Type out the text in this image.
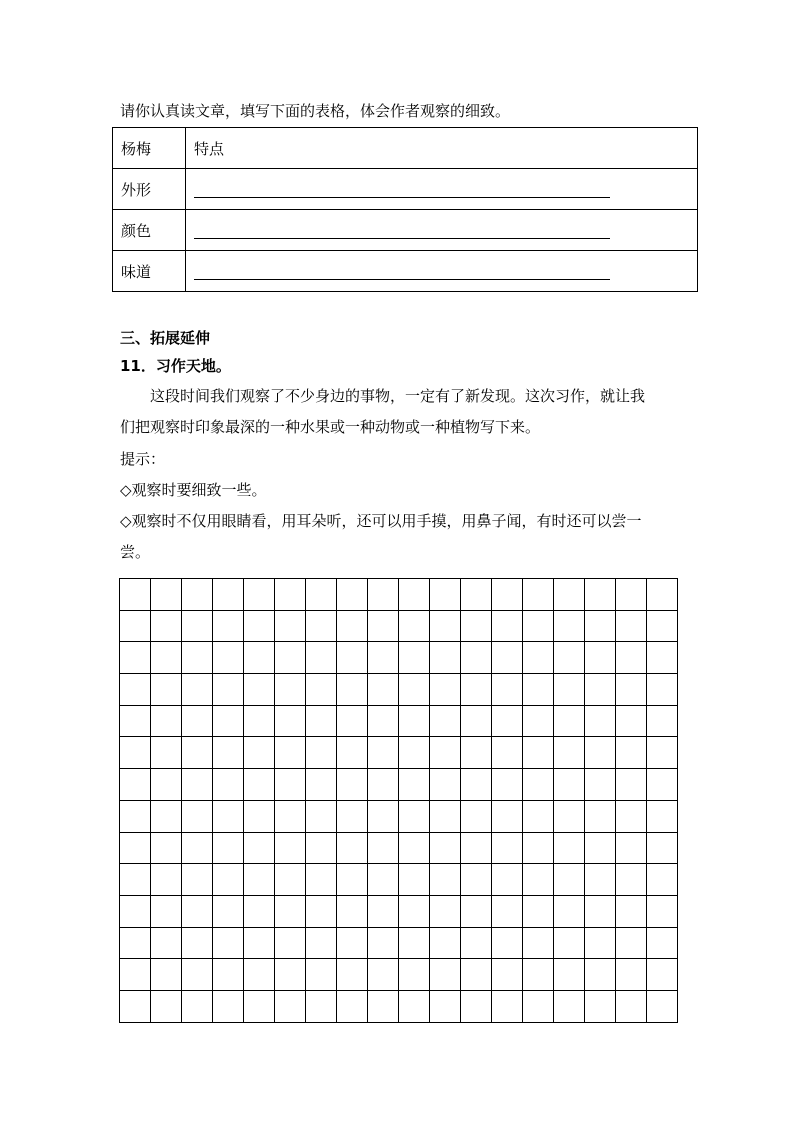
请你认真读文章，填写下面的表格，体会作者观察的细致。
杨梅	特点
外形	

颜色	

味道	
三、拓展延伸
11．习作天地。
这段时间我们观察了不少身边的事物，一定有了新发现。这次习作，就让我
们把观察时印象最深的一种水果或一种动物或一种植物写下来。
提示：
◇观察时要细致一些。
◇观察时不仅用眼睛看，用耳朵听，还可以用手摸，用鼻子闻，有时还可以尝一
尝。
